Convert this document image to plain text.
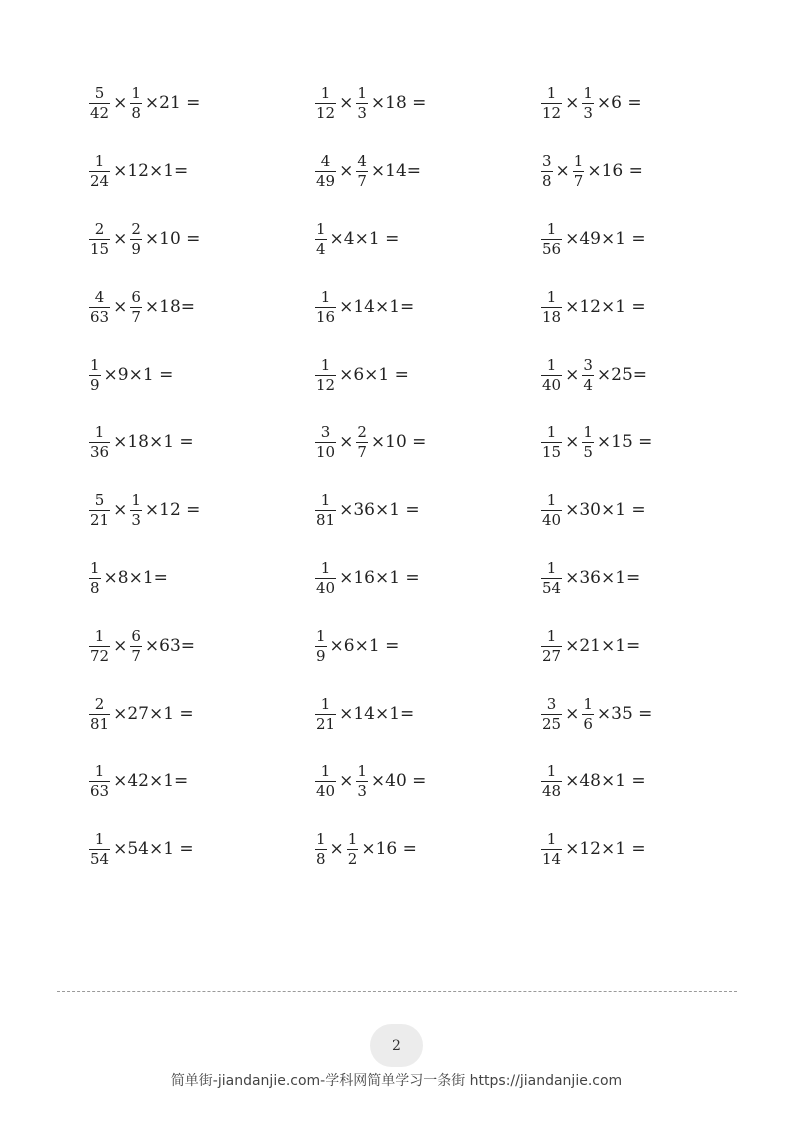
$\frac{5}{42} \times \frac{1}{8} \times 21$ =	$\frac{1}{12} \times \frac{1}{3} \times 18$ =	$\frac{1}{12} \times \frac{1}{3} \times 6$ =
$\frac{1}{24} \times 12\times 1=$	$\frac{4}{49} \times \frac{4}{7} \times 14=$	$\frac{3}{8} \times \frac{1}{7} \times 16$ =
$\frac{2}{15} \times \frac{2}{9} \times 10$ =	$\frac{1}{4} \times 4\times 1$ =	$\frac{1}{56} \times 49\times 1$ =
$\frac{4}{63} \times \frac{6}{7} \times 18=$	$\frac{1}{16} \times 14\times 1=$	$\frac{1}{18} \times 12\times 1$ =
$\frac{1}{9} \times 9\times 1$ =	$\frac{1}{12} \times 6\times 1$ =	$\frac{1}{40} \times \frac{3}{4} \times 25=$
$\frac{1}{36} \times 18\times 1$ =	$\frac{3}{10} \times \frac{2}{7} \times 10$ =	$\frac{1}{15} \times \frac{1}{5} \times 15$ =
$\frac{5}{21} \times \frac{1}{3} \times 12$ =	$\frac{1}{81} \times 36\times 1$ =	$\frac{1}{40} \times 30\times 1$ =
$\frac{1}{8} \times 8\times 1=$	$\frac{1}{40} \times 16\times 1$ =	$\frac{1}{54} \times 36\times 1=$
$\frac{1}{72} \times \frac{6}{7} \times 63=$	$\frac{1}{9} \times 6\times 1$ =	$\frac{1}{27} \times 21\times 1=$
$\frac{2}{81} \times 27\times 1$ =	$\frac{1}{21} \times 14\times 1=$	$\frac{3}{25} \times \frac{1}{6} \times 35$ =
$\frac{1}{63} \times 42\times 1=$	$\frac{1}{40} \times \frac{1}{3} \times 40$ =	$\frac{1}{48} \times 48\times 1$ =
$\frac{1}{54} \times 54\times 1$ =	$\frac{1}{8} \times \frac{1}{2} \times 16$ =	$\frac{1}{14} \times 12\times 1$ =
2
简单街-jiandanjie.com-学科网简单学习一条街 https://jiandanjie.com
